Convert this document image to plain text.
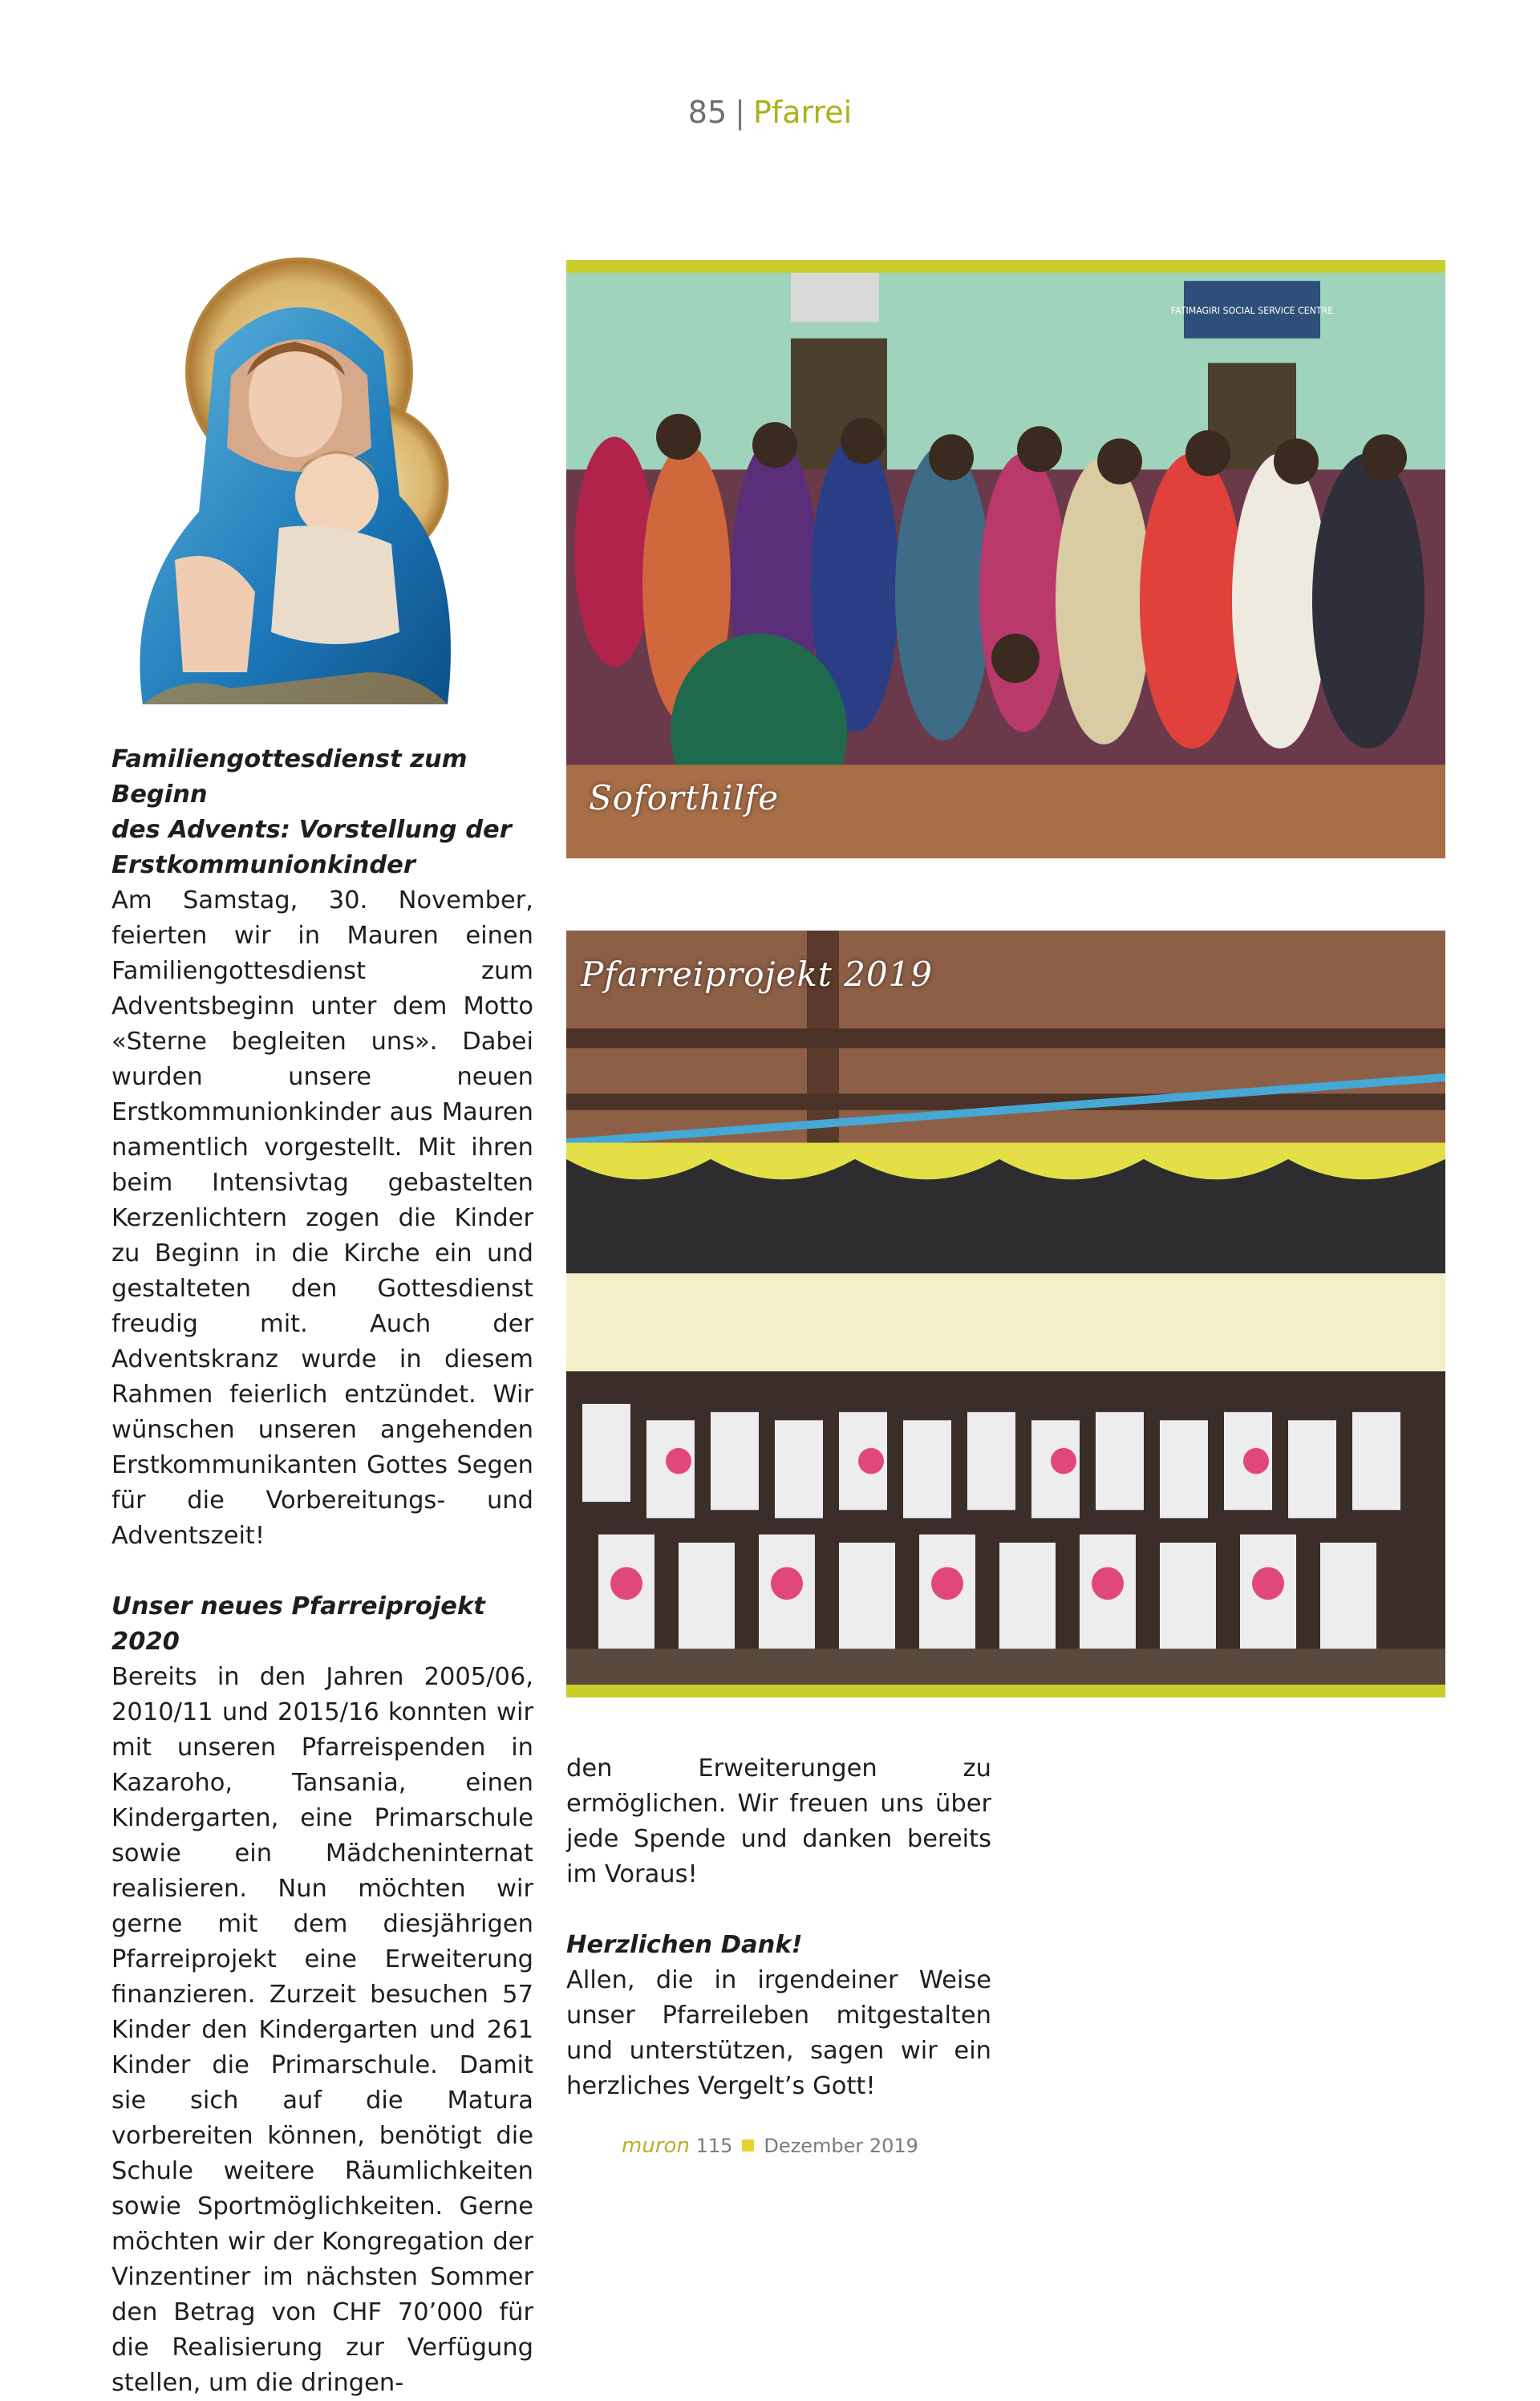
85 | Pfarrei
FATIMAGIRI SOCIAL SERVICE CENTRE
Soforthilfe
Pfarreiprojekt 2019
Familiengottesdienst zum Beginn
des Advents: Vorstellung der
Erstkommunionkinder

Am Samstag, 30. November, feierten wir in Mauren einen Familiengottesdienst zum Adventsbeginn unter dem Motto «Sterne begleiten uns». Dabei wurden unsere neuen Erstkommunionkinder aus Mauren namentlich vorgestellt. Mit ihren beim Intensivtag gebastelten Kerzenlichtern zogen die Kinder zu Beginn in die Kirche ein und gestalteten den Gottesdienst freudig mit. Auch der Adventskranz wurde in diesem Rahmen feierlich entzündet. Wir wünschen unseren angehenden Erstkommunikanten Gottes Segen für die Vorbereitungs- und Adventszeit!

Unser neues Pfarreiprojekt 2020

Bereits in den Jahren 2005/06, 2010/11 und 2015/16 konnten wir mit unseren Pfarreispenden in Kazaroho, Tansania, einen Kindergarten, eine Primarschule sowie ein Mädcheninternat realisieren. Nun möchten wir gerne mit dem diesjährigen Pfarreiprojekt eine Erweiterung finanzieren. Zurzeit besuchen 57 Kinder den Kindergarten und 261 Kinder die Primarschule. Damit sie sich auf die Matura vorbereiten können, benötigt die Schule weitere Räumlichkeiten sowie Sportmöglichkeiten. Gerne möchten wir der Kongregation der Vinzentiner im nächsten Sommer den Betrag von CHF 70’000 für die Realisierung zur Verfügung stellen, um die dringen-

den Erweiterungen zu ermöglichen. Wir freuen uns über jede Spende und danken bereits im Voraus!

Herzlichen Dank!

Allen, die in irgendeiner Weise unser Pfarreileben mitgestalten und unterstützen, sagen wir ein herzliches Vergelt’s Gott!

muron 115 Dezember 2019
